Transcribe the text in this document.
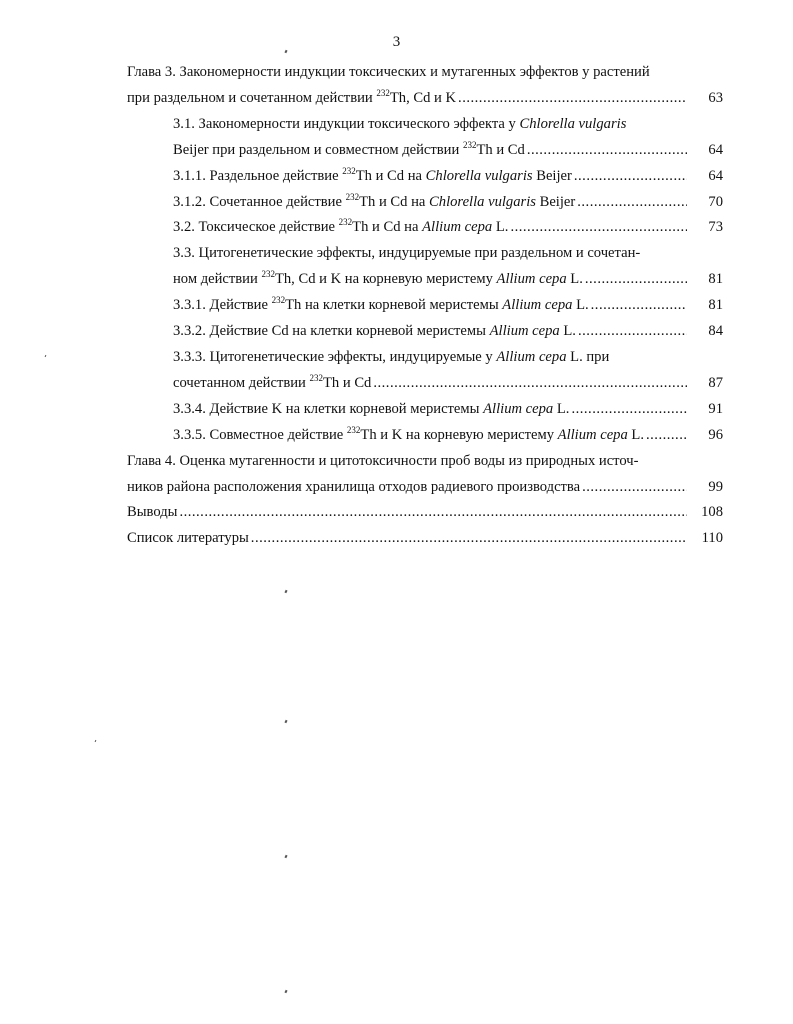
3
Глава 3. Закономерности индукции токсических и мутагенных эффектов у растений
при раздельном и сочетанном действии $^{232}$Th, Cd и K .....	63
3.1. Закономерности индукции токсического эффекта у Chlorella vulgaris
Beijer при раздельном и совместном действии $^{232}$Th и Cd .....	64
3.1.1. Раздельное действие $^{232}$Th и Cd на Chlorella vulgaris Beijer .....	64
3.1.2. Сочетанное действие $^{232}$Th и Cd на Chlorella vulgaris Beijer .....	70
3.2. Токсическое действие $^{232}$Th и Cd на Allium cepa L. .....	73
3.3. Цитогенетические эффекты, индуцируемые при раздельном и сочетан-
ном действии $^{232}$Th, Cd и K на корневую меристему Allium cepa L. .....	81
3.3.1. Действие $^{232}$Th на клетки корневой меристемы Allium cepa L. .....	81
3.3.2. Действие Cd на клетки корневой меристемы Allium cepa L. .....	84
3.3.3. Цитогенетические эффекты, индуцируемые у Allium cepa L. при
сочетанном действии $^{232}$Th и Cd .....	87
3.3.4. Действие K на клетки корневой меристемы Allium cepa L. .....	91
3.3.5. Совместное действие $^{232}$Th и K на корневую меристему Allium cepa L. .....	96
Глава 4. Оценка мутагенности и цитотоксичности проб воды из природных источ-
ников района расположения хранилища отходов радиевого производства .....	99
Выводы .....	108
Список литературы .....	110
